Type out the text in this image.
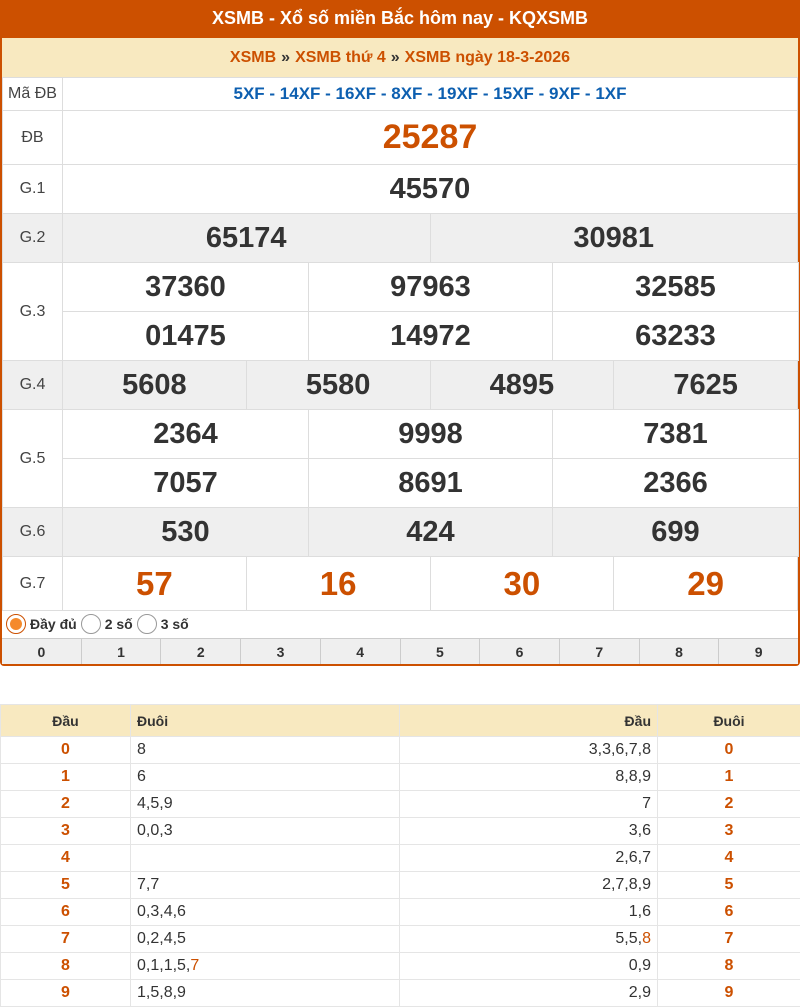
XSMB - Xổ số miền Bắc hôm nay - KQXSMB
XSMB » XSMB thứ 4 » XSMB ngày 18-3-2026
Mã ĐB	5XF - 14XF - 16XF - 8XF - 19XF - 15XF - 9XF - 1XF	
ĐB	25287	
G.1	45570	
G.2	65174	30981
G.3	37360	97963	32585
	01475	14972	63233
G.4	5608	5580	4895	7625
G.5	2364	9998	7381
	7057	8691	2366
G.6	530	424	699
G.7	57	16	30	29
Đầy đủ 2 số 3 số
0	1	2	3	4	5	6	7	8	9
Đầu	Đuôi	Đầu	Đuôi
0	8	3,3,6,7,8	0
1	6	8,8,9	1
2	4,5,9	7	2
3	0,0,3	3,6	3
4		2,6,7	4
5	7,7	2,7,8,9	5
6	0,3,4,6	1,6	6
7	0,2,4,5	5,5,8	7
8	0,1,1,5,7	0,9	8
9	1,5,8,9	2,9	9
